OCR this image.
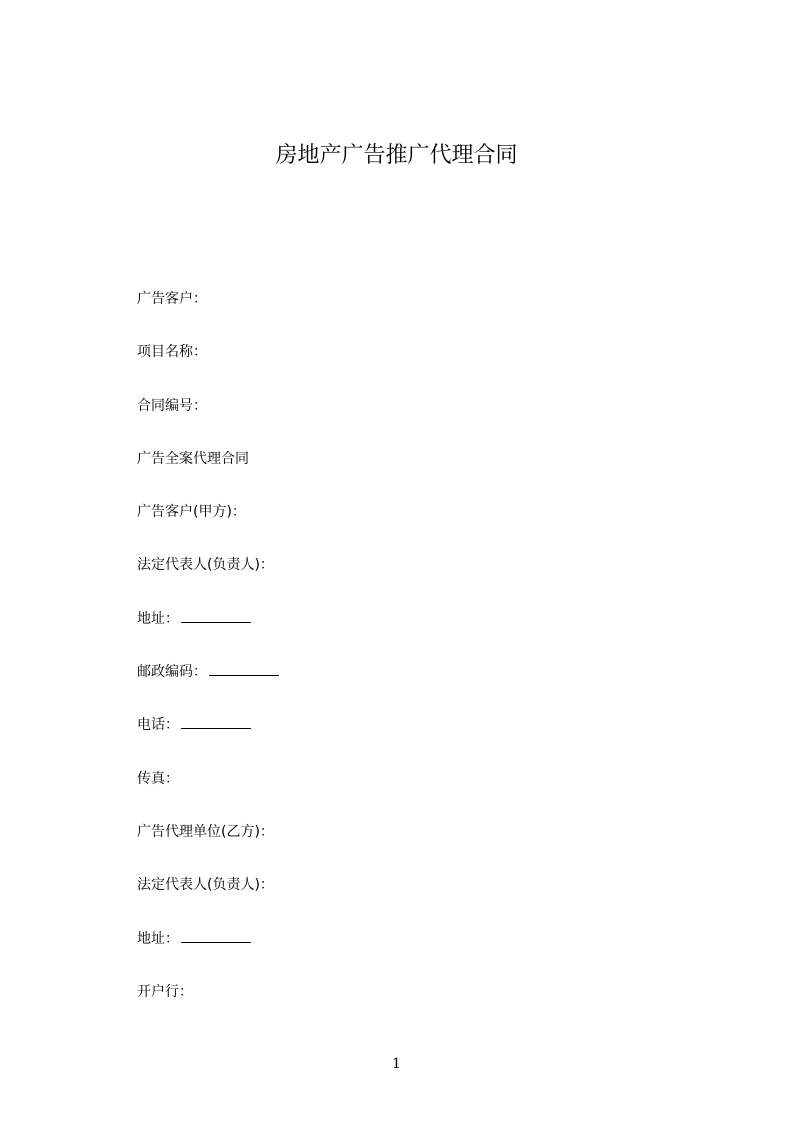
房地产广告推广代理合同
广告客户：
项目名称：
合同编号：
广告全案代理合同
广告客户(甲方)：
法定代表人(负责人)：
地址：
邮政编码：
电话：
传真：
广告代理单位(乙方)：
法定代表人(负责人)：
地址：
开户行：
1
